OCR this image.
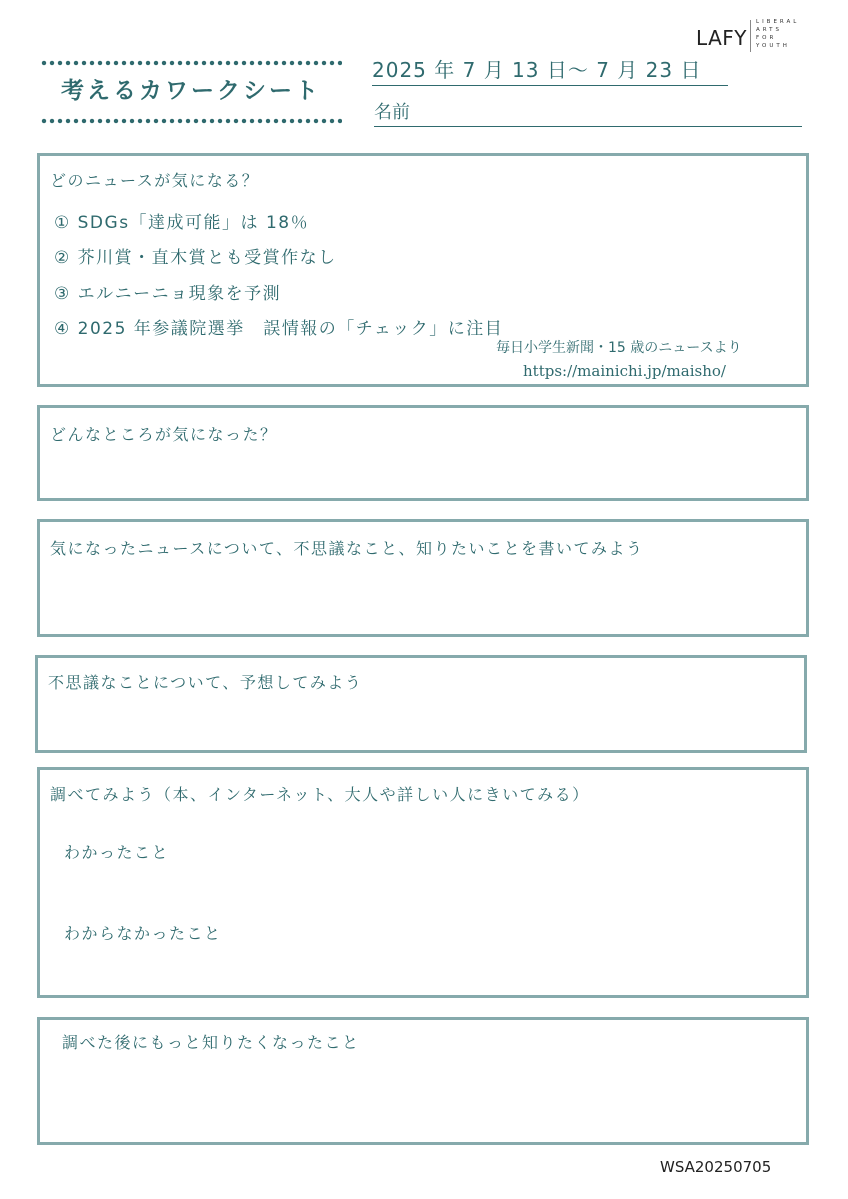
考えるカワークシート
2025 年 7 月 13 日～ 7 月 23 日
名前
LAFY
LIBERAL
ARTS
FOR
YOUTH
どのニュースが気になる？
① SDGs「達成可能」は 18％
② 芥川賞・直木賞とも受賞作なし
③ エルニーニョ現象を予測
④ 2025 年参議院選挙　誤情報の「チェック」に注目
毎日小学生新聞・15 歳のニュースより
https://mainichi.jp/maisho/
どんなところが気になった？
気になったニュースについて、不思議なこと、知りたいことを書いてみよう
不思議なことについて、予想してみよう
調べてみよう（本、インターネット、大人や詳しい人にきいてみる）
わかったこと
わからなかったこと
調べた後にもっと知りたくなったこと
WSA20250705
